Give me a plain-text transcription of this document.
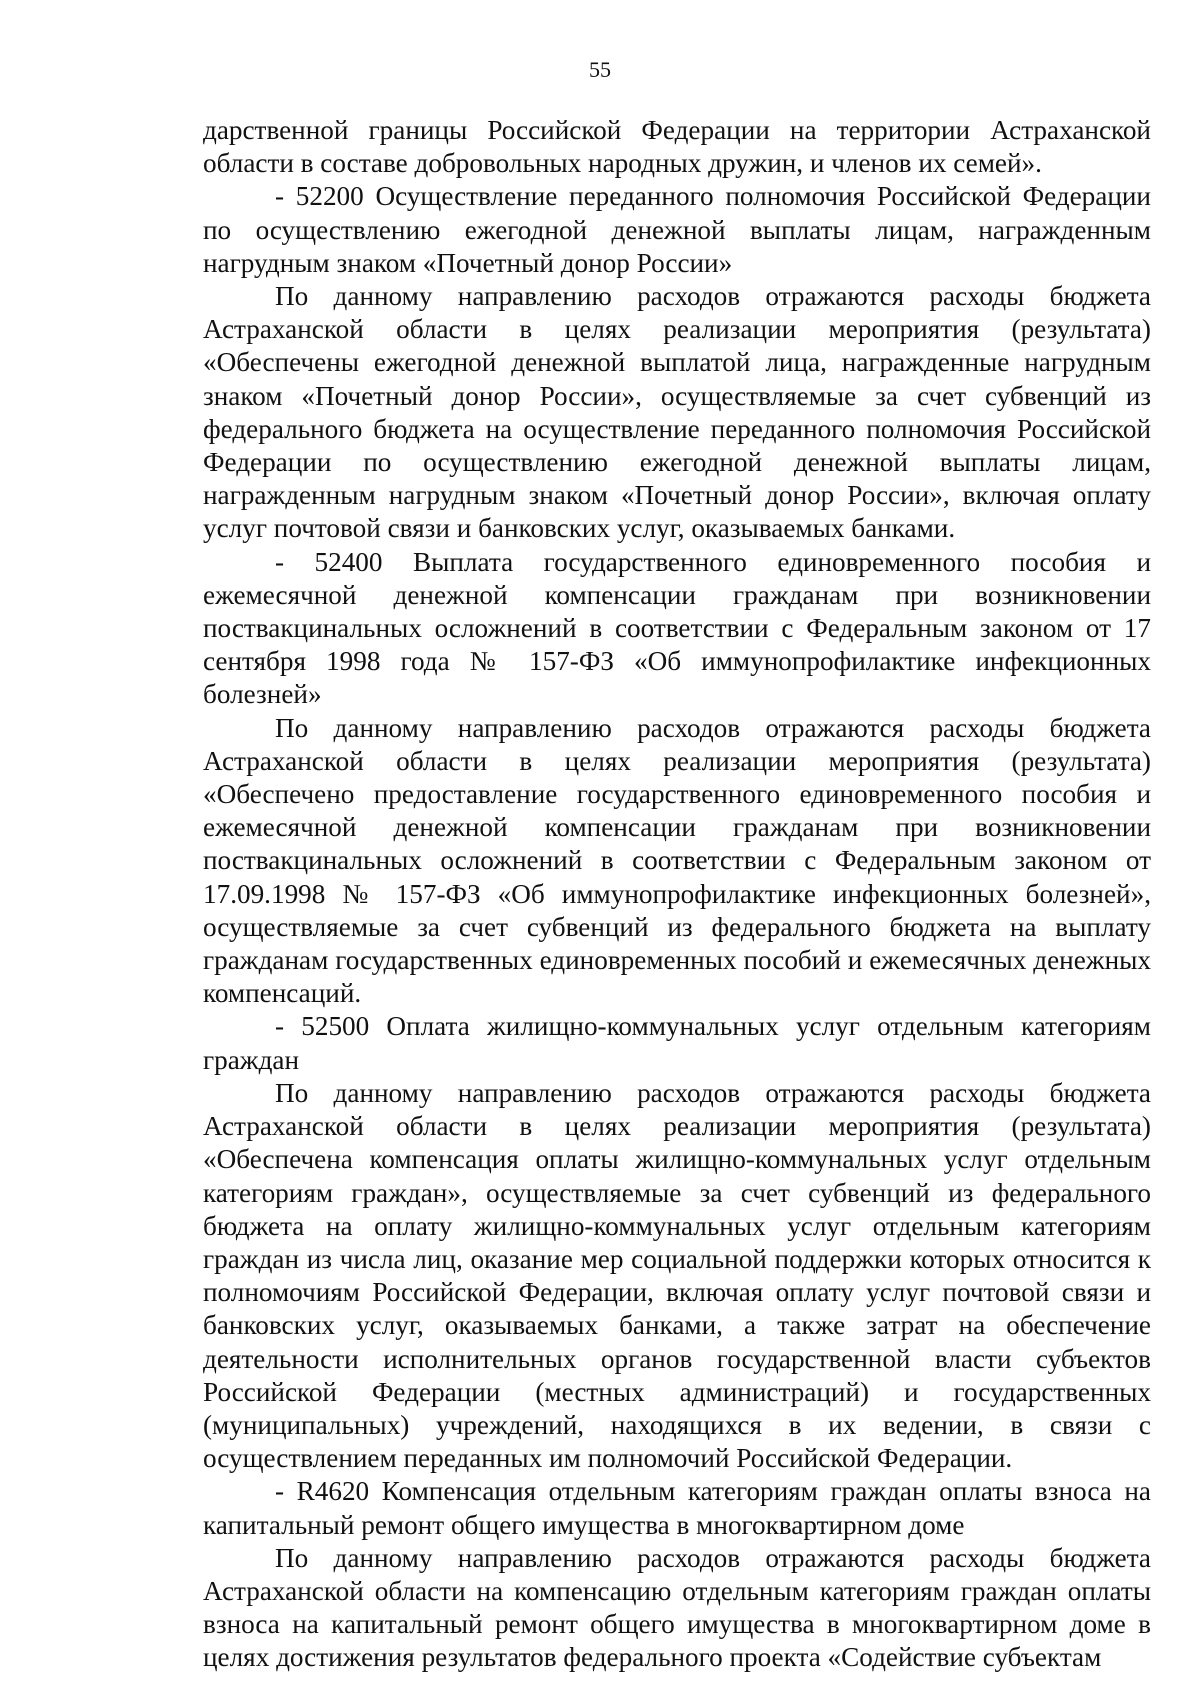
55

дарственной границы Российской Федерации на территории Астраханской области в составе добровольных народных дружин, и членов их семей».

- 52200 Осуществление переданного полномочия Российской Федерации по осуществлению ежегодной денежной выплаты лицам, награжденным нагрудным знаком «Почетный донор России»

По данному направлению расходов отражаются расходы бюджета Астраханской области в целях реализации мероприятия (результата) «Обеспечены ежегодной денежной выплатой лица, награжденные нагрудным знаком «Почетный донор России», осуществляемые за счет субвенций из федерального бюджета на осуществление переданного полномочия Российской Федерации по осуществлению ежегодной денежной выплаты лицам, награжденным нагрудным знаком «Почетный донор России», включая оплату услуг почтовой связи и банковских услуг, оказываемых банками.

- 52400 Выплата государственного единовременного пособия и ежемесячной денежной компенсации гражданам при возникновении поствакцинальных осложнений в соответствии с Федеральным законом от 17 сентября 1998 года № 157-ФЗ «Об иммунопрофилактике инфекционных болезней»

По данному направлению расходов отражаются расходы бюджета Астраханской области в целях реализации мероприятия (результата) «Обеспечено предоставление государственного единовременного пособия и ежемесячной денежной компенсации гражданам при возникновении поствакцинальных осложнений в соответствии с Федеральным законом от 17.09.1998 № 157-ФЗ «Об иммунопрофилактике инфекционных болезней», осуществляемые за счет субвенций из федерального бюджета на выплату гражданам государственных единовременных пособий и ежемесячных денежных компенсаций.

- 52500 Оплата жилищно-коммунальных услуг отдельным категориям граждан

По данному направлению расходов отражаются расходы бюджета Астраханской области в целях реализации мероприятия (результата) «Обеспечена компенсация оплаты жилищно-коммунальных услуг отдельным категориям граждан», осуществляемые за счет субвенций из федерального бюджета на оплату жилищно-коммунальных услуг отдельным категориям граждан из числа лиц, оказание мер социальной поддержки которых относится к полномочиям Российской Федерации, включая оплату услуг почтовой связи и банковских услуг, оказываемых банками, а также затрат на обеспечение деятельности исполнительных органов государственной власти субъектов Российской Федерации (местных администраций) и государственных (муниципальных) учреждений, находящихся в их ведении, в связи с осуществлением переданных им полномочий Российской Федерации.

- R4620 Компенсация отдельным категориям граждан оплаты взноса на капитальный ремонт общего имущества в многоквартирном доме

По данному направлению расходов отражаются расходы бюджета Астраханской области на компенсацию отдельным категориям граждан оплаты взноса на капитальный ремонт общего имущества в многоквартирном доме в целях достижения результатов федерального проекта «Содействие субъектам
